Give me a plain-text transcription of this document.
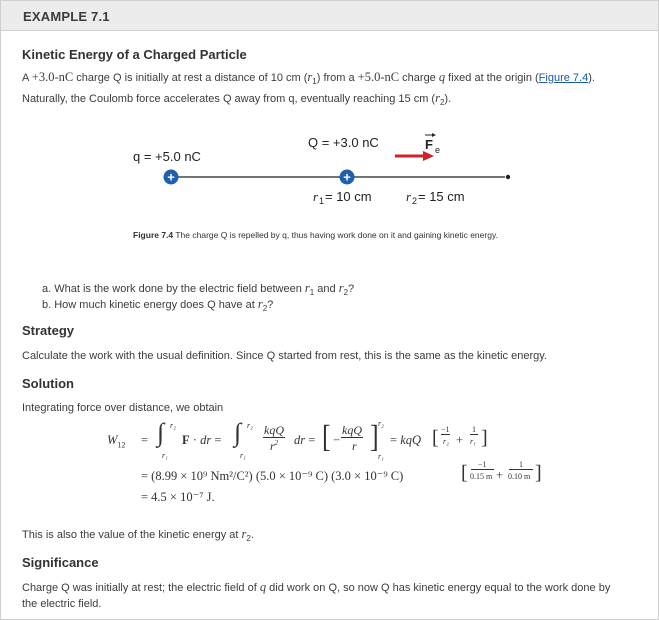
EXAMPLE 7.1
Kinetic Energy of a Charged Particle
A +3.0-nC charge Q is initially at rest a distance of 10 cm $(r_1)$ from a +5.0-nC charge q fixed at the origin (Figure 7.4).
Naturally, the Coulomb force accelerates Q away from q, eventually reaching 15 cm $(r_2)$.
+	+
q = +5.0 nC
Q = +3.0 nC	F e
r 1 = 10 cm	r 2 = 15 cm
Figure 7.4 The charge Q is repelled by q, thus having work done on it and gaining kinetic energy.
a. What is the work done by the electric field between $r_1$ and $r_2$?
b. How much kinetic energy does Q have at $r_2$?
Strategy
Calculate the work with the usual definition. Since Q started from rest, this is the same as the kinetic energy.
Solution
Integrating force over distance, we obtain
$W_{12}$ = ∫ r₂
r₁
F · dr = ∫ r₂
r₁
kqQ
$r^2$ dr = [ −
kqQ
r ] r₂
r₁
= kqQ [ −1
r₂ +
1
r₁ ]
= (8.99 × 10⁹ Nm²/C²) (5.0 × 10⁻⁹ C) (3.0 × 10⁻⁹ C)	[	−1
0.15 m +
1
0.10 m ]
= 4.5 × 10⁻⁷ J.
This is also the value of the kinetic energy at $r_2$.
Significance
Charge Q was initially at rest; the electric field of q did work on Q, so now Q has kinetic energy equal to the work done by
the electric field.
